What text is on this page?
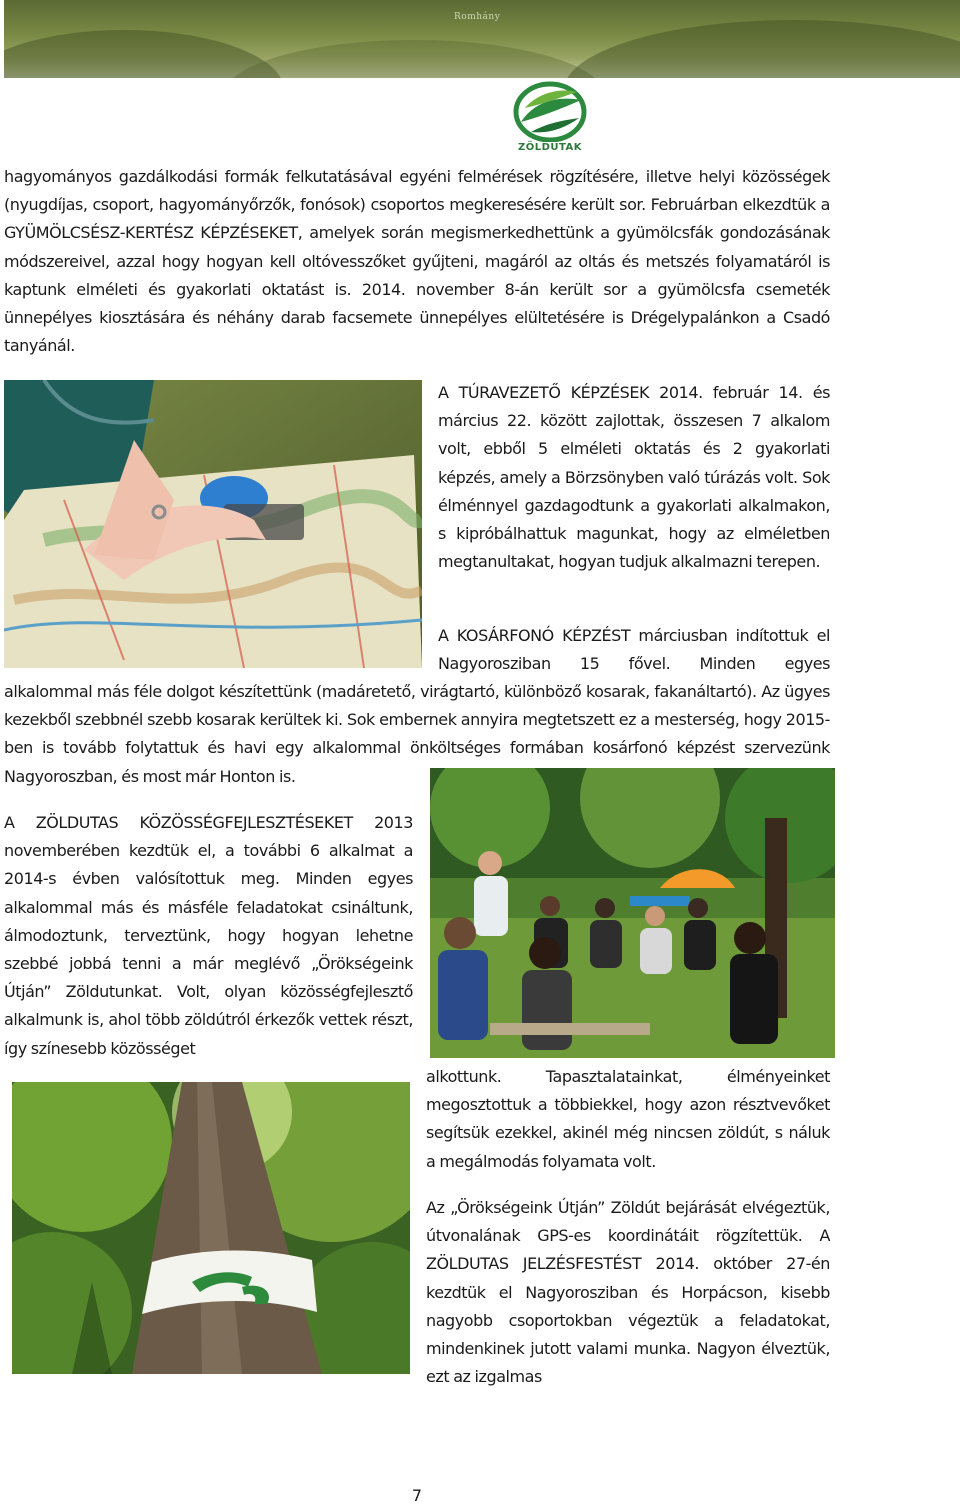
Romhány
ZÖLDUTAK

hagyományos gazdálkodási formák felkutatásával egyéni felmérések rögzítésére, illetve helyi közösségek (nyugdíjas, csoport, hagyományőrzők, fonósok) csoportos megkeresésére került sor. Februárban elkezdtük a GYÜMÖLCSÉSZ-KERTÉSZ KÉPZÉSEKET, amelyek során megismerkedhettünk a gyümölcsfák gondozásának módszereivel, azzal hogy hogyan kell oltóvesszőket gyűjteni, magáról az oltás és metszés folyamatáról is kaptunk elméleti és gyakorlati oktatást is. 2014. november 8-án került sor a gyümölcsfa csemeték ünnepélyes kiosztására és néhány darab facsemete ünnepélyes elültetésére is Drégelypalánkon a Csadó tanyánál.

A TÚRAVEZETŐ KÉPZÉSEK 2014. február 14. és március 22. között zajlottak, összesen 7 alkalom volt, ebből 5 elméleti oktatás és 2 gyakorlati képzés, amely a Börzsönyben való túrázás volt. Sok élménnyel gazdagodtunk a gyakorlati alkalmakon, s kipróbálhattuk magunkat, hogy az elméletben megtanultakat, hogyan tudjuk alkalmazni terepen.

A KOSÁRFONÓ KÉPZÉST márciusban indítottuk el Nagyorosziban 15 fővel. Minden egyes

alkalommal más féle dolgot készítettünk (madáretető, virágtartó, különböző kosarak, fakanáltartó). Az ügyes kezekből szebbnél szebb kosarak kerültek ki. Sok embernek annyira megtetszett ez a mesterség, hogy 2015-ben is tovább folytattuk és havi egy alkalommal önköltséges formában kosárfonó képzést szervezünk Nagyoroszban, és most már Honton is.

A ZÖLDUTAS KÖZÖSSÉGFEJLESZTÉSEKET 2013 novemberében kezdtük el, a további 6 alkalmat a 2014-s évben valósítottuk meg. Minden egyes alkalommal más és másféle feladatokat csináltunk, álmodoztunk, terveztünk, hogy hogyan lehetne szebbé jobbá tenni a már meglévő „Örökségeink Útján” Zöldutunkat. Volt, olyan közösségfejlesztő alkalmunk is, ahol több zöldútról érkezők vettek részt, így színesebb közösséget

alkottunk. Tapasztalatainkat, élményeinket megosztottuk a többiekkel, hogy azon résztvevőket segítsük ezekkel, akinél még nincsen zöldút, s náluk a megálmodás folyamata volt.

Az „Örökségeink Útján” Zöldút bejárását elvégeztük, útvonalának GPS-es koordinátáit rögzítettük. A ZÖLDUTAS JELZÉSFESTÉST 2014. október 27-én kezdtük el Nagyorosziban és Horpácson, kisebb nagyobb csoportokban végeztük a feladatokat, mindenkinek jutott valami munka. Nagyon élveztük, ezt az izgalmas

7
